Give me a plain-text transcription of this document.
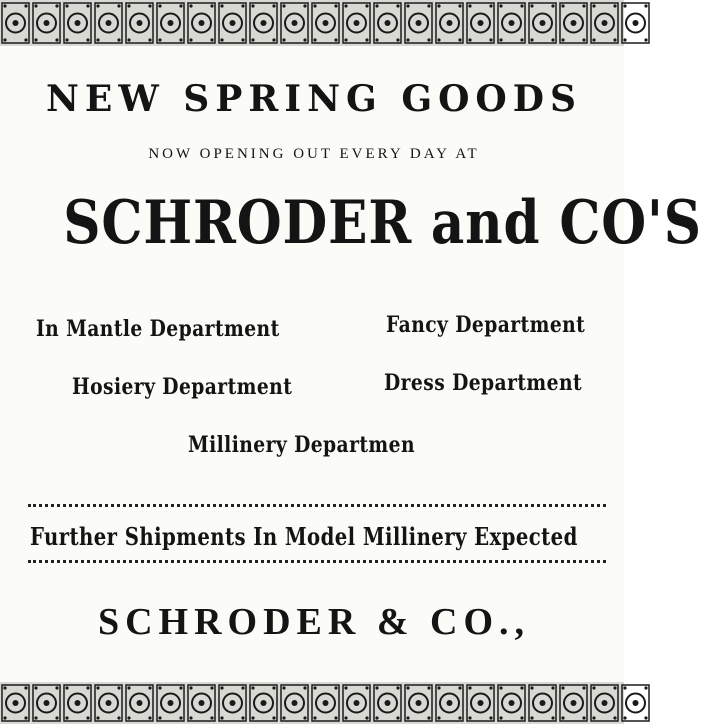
NEW SPRING GOODS
NOW OPENING OUT EVERY DAY AT
SCHRODER and CO'S
In Mantle Department	Fancy Department
Hosiery Department	Dress Department
Millinery Departmen
Further Shipments In Model Millinery Expected
SCHRODER & CO.,
